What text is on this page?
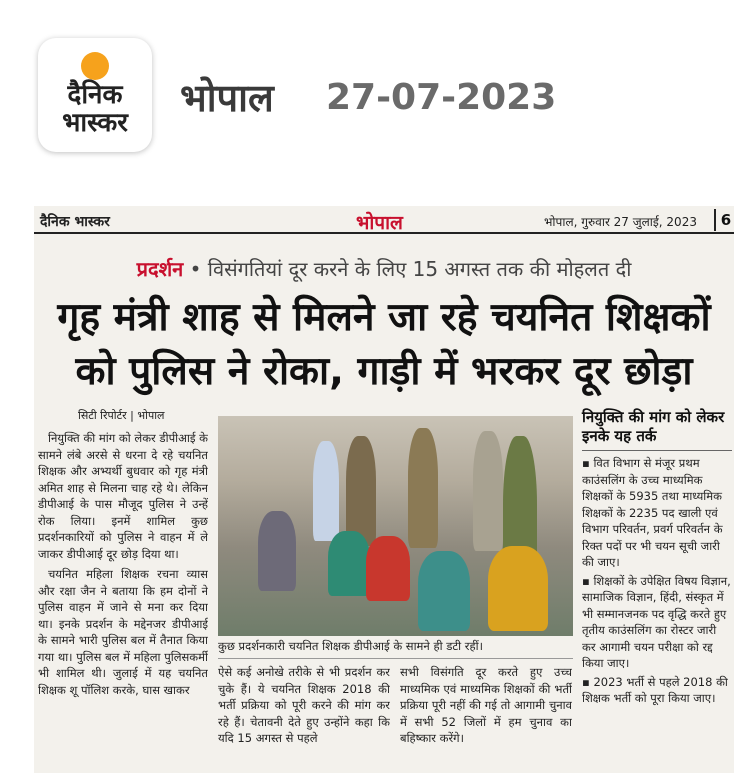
दैनिक
भास्कर
भोपाल 27-07-2023
दैनिक भास्कर	भोपाल	भोपाल, गुरुवार 27 जुलाई, 2023	6
प्रदर्शन • विसंगतियां दूर करने के लिए 15 अगस्त तक की मोहलत दी
गृह मंत्री शाह से मिलने जा रहे चयनित शिक्षकों
को पुलिस ने रोका, गाड़ी में भरकर दूर छोड़ा
सिटी रिपोर्टर | भोपाल

नियुक्ति की मांग को लेकर डीपीआई के सामने लंबे अरसे से धरना दे रहे चयनित शिक्षक और अभ्यर्थी बुधवार को गृह मंत्री अमित शाह से मिलना चाह रहे थे। लेकिन डीपीआई के पास मौजूद पुलिस ने उन्हें रोक लिया। इनमें शामिल कुछ प्रदर्शनकारियों को पुलिस ने वाहन में ले जाकर डीपीआई दूर छोड़ दिया था।

चयनित महिला शिक्षक रचना व्यास और रक्षा जैन ने बताया कि हम दोनों ने पुलिस वाहन में जाने से मना कर दिया था। इनके प्रदर्शन के मद्देनजर डीपीआई के सामने भारी पुलिस बल में तैनात किया गया था। पुलिस बल में महिला पुलिसकर्मी भी शामिल थी। जुलाई में यह चयनित शिक्षक शू पॉलिश करके, घास खाकर

कुछ प्रदर्शनकारी चयनित शिक्षक डीपीआई के सामने ही डटी रहीं।
ऐसे कई अनोखे तरीके से भी प्रदर्शन कर चुके हैं। ये चयनित शिक्षक 2018 की भर्ती प्रक्रिया को पूरी करने की मांग कर रहे हैं। चेतावनी देते हुए उन्होंने कहा कि यदि 15 अगस्त से पहले
सभी विसंगति दूर करते हुए उच्च माध्यमिक एवं माध्यमिक शिक्षकों की भर्ती प्रक्रिया पूरी नहीं की गई तो आगामी चुनाव में सभी 52 जिलों में हम चुनाव का बहिष्कार करेंगे।
नियुक्ति की मांग को लेकर इनके यह तर्क

▪ वित विभाग से मंजूर प्रथम काउंसलिंग के उच्च माध्यमिक शिक्षकों के 5935 तथा माध्यमिक शिक्षकों के 2235 पद खाली एवं विभाग परिवर्तन, प्रवर्ग परिवर्तन के रिक्त पदों पर भी चयन सूची जारी की जाए।

▪ शिक्षकों के उपेक्षित विषय विज्ञान, सामाजिक विज्ञान, हिंदी, संस्कृत में भी सम्मानजनक पद वृद्धि करते हुए तृतीय काउंसलिंग का रोस्टर जारी कर आगामी चयन परीक्षा को रद्द किया जाए।

▪ 2023 भर्ती से पहले 2018 की शिक्षक भर्ती को पूरा किया जाए।
